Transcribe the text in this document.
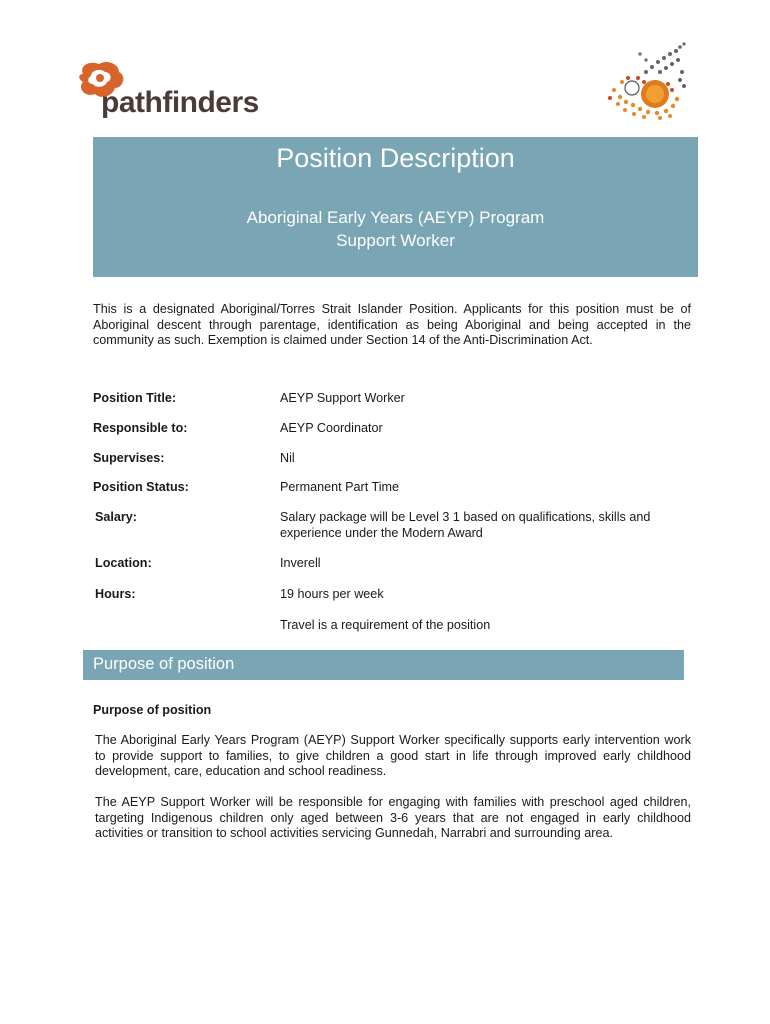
pathfinders
Position Description
Aboriginal Early Years (AEYP) Program
Support Worker
This is a designated Aboriginal/Torres Strait Islander Position. Applicants for this position must be of Aboriginal descent through parentage, identification as being Aboriginal and being accepted in the community as such. Exemption is claimed under Section 14 of the Anti-Discrimination Act.
Position Title:	AEYP Support Worker
Responsible to:	AEYP Coordinator
Supervises:	Nil
Position Status:	Permanent Part Time
Salary:	Salary package will be Level 3 1 based on qualifications, skills and experience under the Modern Award
Location:	Inverell
Hours:	19 hours per week
Travel is a requirement of the position
Purpose of position
Purpose of position
The Aboriginal Early Years Program (AEYP) Support Worker specifically supports early intervention work to provide support to families, to give children a good start in life through improved early childhood development, care, education and school readiness.
The AEYP Support Worker will be responsible for engaging with families with preschool aged children, targeting Indigenous children only aged between 3-6 years that are not engaged in early childhood activities or transition to school activities servicing Gunnedah, Narrabri and surrounding area.
